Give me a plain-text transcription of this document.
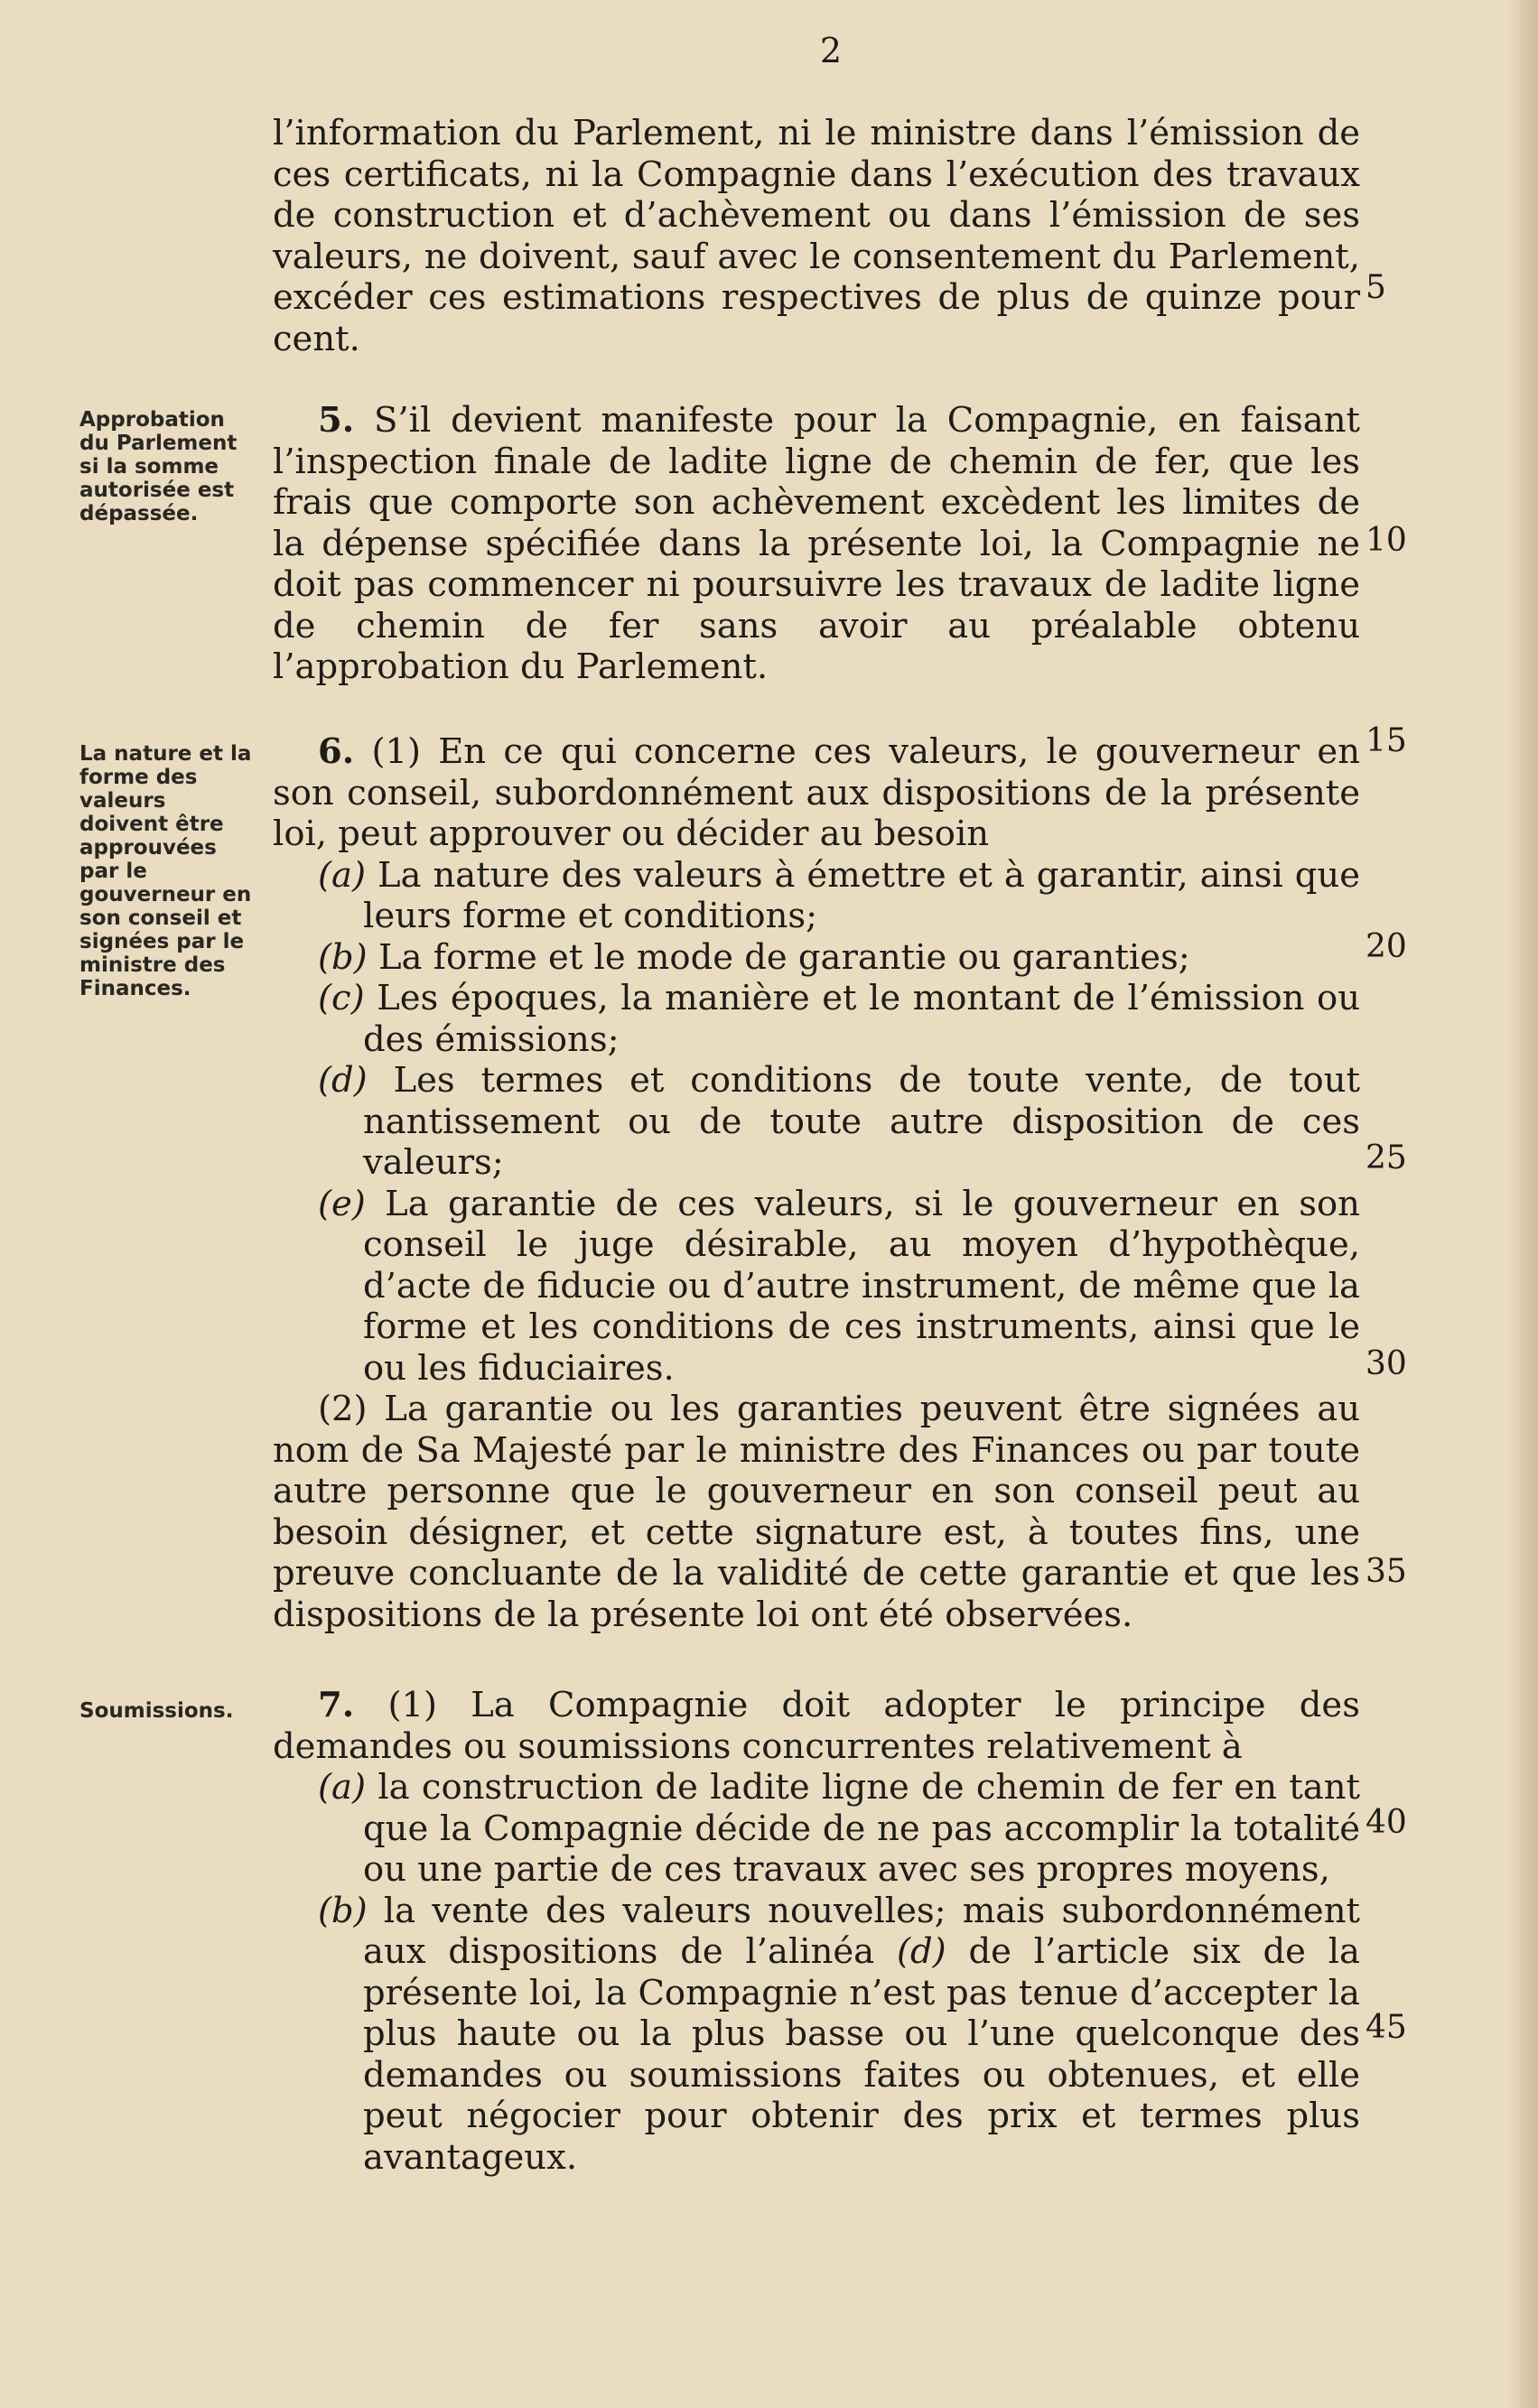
2

l’information du Parlement, ni le ministre dans l’émission de ces certificats, ni la Compagnie dans l’exécution des travaux de construction et d’achèvement ou dans l’émission de ses valeurs, ne doivent, sauf avec le consentement du Parlement, excéder ces estimations respectives de plus de quinze pour cent.

Approbation du Parlement si la somme autorisée est dépassée.

5. S’il devient manifeste pour la Compagnie, en faisant l’inspection finale de ladite ligne de chemin de fer, que les frais que comporte son achèvement excèdent les limites de la dépense spécifiée dans la présente loi, la Compagnie ne doit pas commencer ni poursuivre les travaux de ladite ligne de chemin de fer sans avoir au préalable obtenu l’approbation du Parlement.

La nature et la forme des valeurs doivent être approuvées par le gouverneur en son conseil et signées par le ministre des Finances.

6. (1) En ce qui concerne ces valeurs, le gouverneur en son conseil, subordonnément aux dispositions de la présente loi, peut approuver ou décider au besoin

(a) La nature des valeurs à émettre et à garantir, ainsi que leurs forme et conditions;

(b) La forme et le mode de garantie ou garanties;

(c) Les époques, la manière et le montant de l’émission ou des émissions;

(d) Les termes et conditions de toute vente, de tout nantissement ou de toute autre disposition de ces valeurs;

(e) La garantie de ces valeurs, si le gouverneur en son conseil le juge désirable, au moyen d’hypothèque, d’acte de fiducie ou d’autre instrument, de même que la forme et les conditions de ces instruments, ainsi que le ou les fiduciaires.

(2) La garantie ou les garanties peuvent être signées au nom de Sa Majesté par le ministre des Finances ou par toute autre personne que le gouverneur en son conseil peut au besoin désigner, et cette signature est, à toutes fins, une preuve concluante de la validité de cette garantie et que les dispositions de la présente loi ont été observées.

Soumissions.	7. (1) La Compagnie doit adopter le principe des demandes ou soumissions concurrentes relativement à

(a) la construction de ladite ligne de chemin de fer en tant que la Compagnie décide de ne pas accomplir la totalité ou une partie de ces travaux avec ses propres moyens,

(b) la vente des valeurs nouvelles; mais subordonnément aux dispositions de l’alinéa (d) de l’article six de la présente loi, la Compagnie n’est pas tenue d’accepter la plus haute ou la plus basse ou l’une quelconque des demandes ou soumissions faites ou obtenues, et elle peut négocier pour obtenir des prix et termes plus avantageux.

5
10
15
20
25
30
35
40
45
